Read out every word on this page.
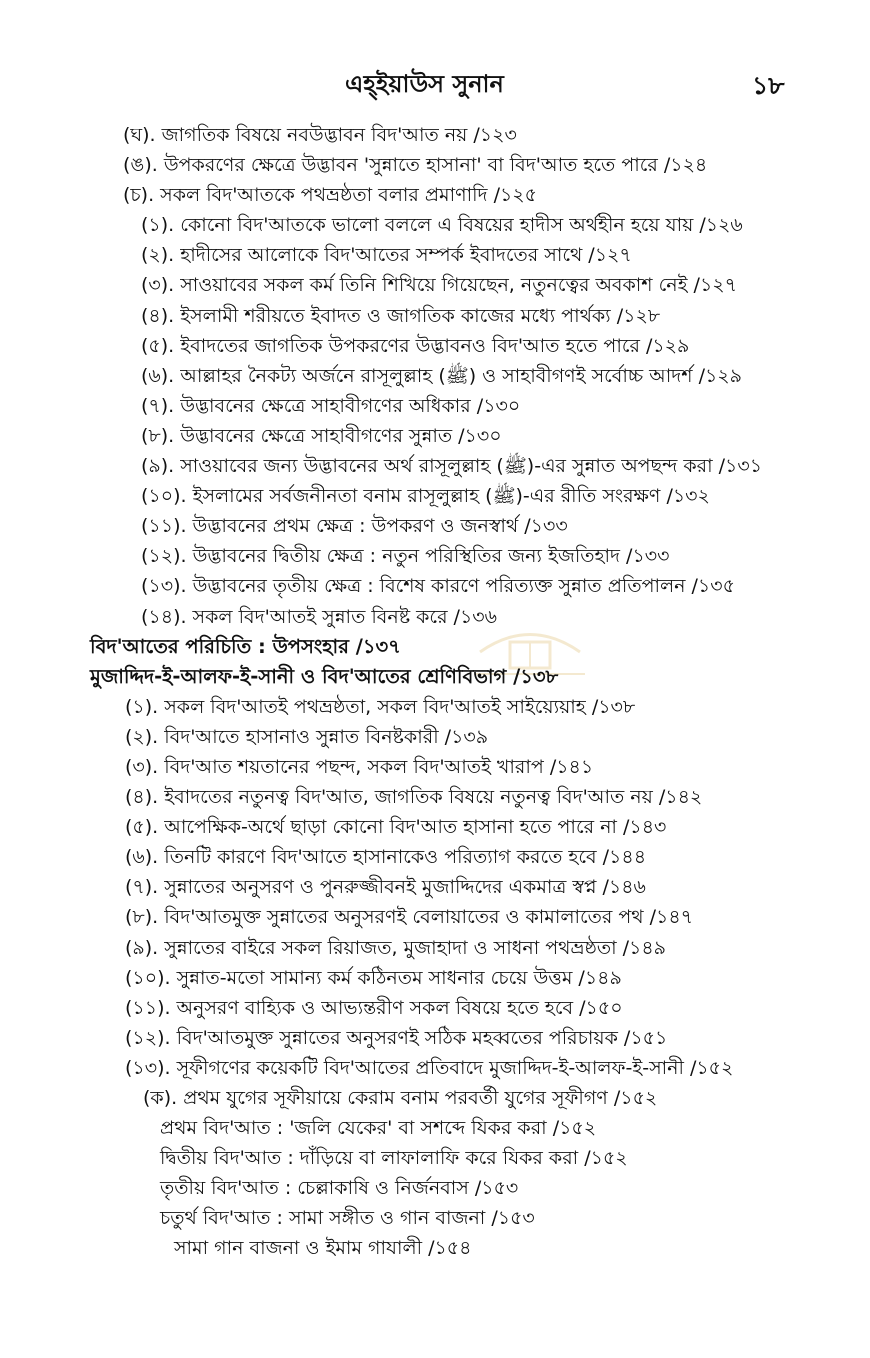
এহ্ইয়াউস সুনান	১৮
(ঘ). জাগতিক বিষয়ে নবউদ্ভাবন বিদ'আত নয় /১২৩
(ঙ). উপকরণের ক্ষেত্রে উদ্ভাবন 'সুন্নাতে হাসানা' বা বিদ'আত হতে পারে /১২৪
(চ). সকল বিদ'আতকে পথভ্রষ্ঠতা বলার প্রমাণাদি /১২৫
(১). কোনো বিদ'আতকে ভালো বললে এ বিষয়ের হাদীস অর্থহীন হয়ে যায় /১২৬
(২). হাদীসের আলোকে বিদ'আতের সম্পর্ক ইবাদতের সাথে /১২৭
(৩). সাওয়াবের সকল কর্ম তিনি শিখিয়ে গিয়েছেন, নতুনত্বের অবকাশ নেই /১২৭
(৪). ইসলামী শরীয়তে ইবাদত ও জাগতিক কাজের মধ্যে পার্থক্য /১২৮
(৫). ইবাদতের জাগতিক উপকরণের উদ্ভাবনও বিদ'আত হতে পারে /১২৯
(৬). আল্লাহর নৈকট্য অর্জনে রাসূলুল্লাহ (ﷺ) ও সাহাবীগণই সর্বোচ্চ আদর্শ /১২৯
(৭). উদ্ভাবনের ক্ষেত্রে সাহাবীগণের অধিকার /১৩০
(৮). উদ্ভাবনের ক্ষেত্রে সাহাবীগণের সুন্নাত /১৩০
(৯). সাওয়াবের জন্য উদ্ভাবনের অর্থ রাসূলুল্লাহ (ﷺ)-এর সুন্নাত অপছন্দ করা /১৩১
(১০). ইসলামের সর্বজনীনতা বনাম রাসূলুল্লাহ (ﷺ)-এর রীতি সংরক্ষণ /১৩২
(১১). উদ্ভাবনের প্রথম ক্ষেত্র : উপকরণ ও জনস্বার্থ /১৩৩
(১২). উদ্ভাবনের দ্বিতীয় ক্ষেত্র : নতুন পরিস্থিতির জন্য ইজতিহাদ /১৩৩
(১৩). উদ্ভাবনের তৃতীয় ক্ষেত্র : বিশেষ কারণে পরিত্যক্ত সুন্নাত প্রতিপালন /১৩৫
(১৪). সকল বিদ'আতই সুন্নাত বিনষ্ট করে /১৩৬
বিদ'আতের পরিচিতি : উপসংহার /১৩৭
মুজাদ্দিদ-ই-আলফ-ই-সানী ও বিদ'আতের শ্রেণিবিভাগ /১৩৮
(১). সকল বিদ'আতই পথভ্রষ্ঠতা, সকল বিদ'আতই সাইয়্যেয়াহ /১৩৮
(২). বিদ'আতে হাসানাও সুন্নাত বিনষ্টকারী /১৩৯
(৩). বিদ'আত শয়তানের পছন্দ, সকল বিদ'আতই খারাপ /১৪১
(৪). ইবাদতের নতুনত্ব বিদ'আত, জাগতিক বিষয়ে নতুনত্ব বিদ'আত নয় /১৪২
(৫). আপেক্ষিক-অর্থে ছাড়া কোনো বিদ'আত হাসানা হতে পারে না /১৪৩
(৬). তিনটি কারণে বিদ'আতে হাসানাকেও পরিত্যাগ করতে হবে /১৪৪
(৭). সুন্নাতের অনুসরণ ও পুনরুজ্জীবনই মুজাদ্দিদের একমাত্র স্বপ্ন /১৪৬
(৮). বিদ'আতমুক্ত সুন্নাতের অনুসরণই বেলায়াতের ও কামালাতের পথ /১৪৭
(৯). সুন্নাতের বাইরে সকল রিয়াজত, মুজাহাদা ও সাধনা পথভ্রষ্ঠতা /১৪৯
(১০). সুন্নাত-মতো সামান্য কর্ম কঠিনতম সাধনার চেয়ে উত্তম /১৪৯
(১১). অনুসরণ বাহ্যিক ও আভ্যন্তরীণ সকল বিষয়ে হতে হবে /১৫০
(১২). বিদ'আতমুক্ত সুন্নাতের অনুসরণই সঠিক মহব্বতের পরিচায়ক /১৫১
(১৩). সূফীগণের কয়েকটি বিদ'আতের প্রতিবাদে মুজাদ্দিদ-ই-আলফ-ই-সানী /১৫২
(ক). প্রথম যুগের সূফীয়ায়ে কেরাম বনাম পরবর্তী যুগের সূফীগণ /১৫২
প্রথম বিদ'আত : 'জলি যেকের' বা সশব্দে যিকর করা /১৫২
দ্বিতীয় বিদ'আত : দাঁড়িয়ে বা লাফালাফি করে যিকর করা /১৫২
তৃতীয় বিদ'আত : চেল্লাকাষি ও নির্জনবাস /১৫৩
চতুর্থ বিদ'আত : সামা সঙ্গীত ও গান বাজনা /১৫৩
সামা গান বাজনা ও ইমাম গাযালী /১৫৪
